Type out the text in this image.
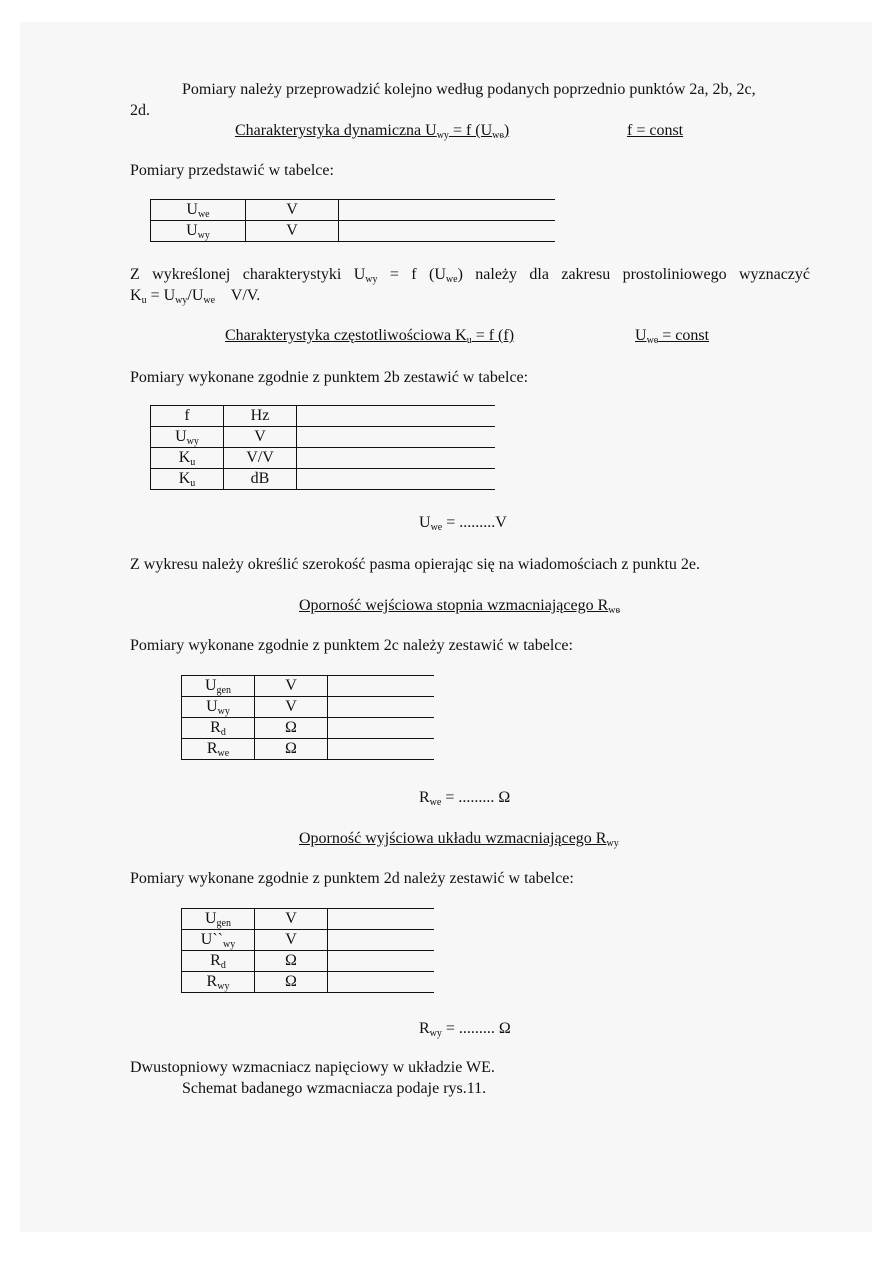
Pomiary należy przeprowadzić kolejno według podanych poprzednio punktów 2a, 2b, 2c,
2d.
Charakterystyka dynamiczna $U_{wy} = f$ $(U_{we})$	f = const
Pomiary przedstawić w tabelce:
$U_{we}$	V	
$U_{wy}$	V	
Z wykreślonej charakterystyki $U_{wy} = f$ $(U_{we})$ należy dla zakresu prostoliniowego wyznaczyć
$K_u = U_{wy}/U_{we}$    V/V.
Charakterystyka częstotliwościowa $K_u = f$ (f)	$U_{we}$ = const
Pomiary wykonane zgodnie z punktem 2b zestawić w tabelce:
f	Hz	
$U_{wy}$	V	
$K_u$	V/V	
$K_u$	dB	
$U_{we} = .........V$
Z wykresu należy określić szerokość pasma opierając się na wiadomościach z punktu 2e.
Oporność wejściowa stopnia wzmacniającego $R_{we}$
Pomiary wykonane zgodnie z punktem 2c należy zestawić w tabelce:
$U_{gen}$	V	
$U_{wy}$	V	
$R_d$	Ω	
$R_{we}$	Ω	
$R_{we}$ = ......... Ω
Oporność wyjściowa układu wzmacniającego $R_{wy}$
Pomiary wykonane zgodnie z punktem 2d należy zestawić w tabelce:
$U_{gen}$	V	
$U``_{wy}$	V	
$R_d$	Ω	
$R_{wy}$	Ω	
$R_{wy}$ = ......... Ω
Dwustopniowy wzmacniacz napięciowy w układzie WE.
Schemat badanego wzmacniacza podaje rys.11.
